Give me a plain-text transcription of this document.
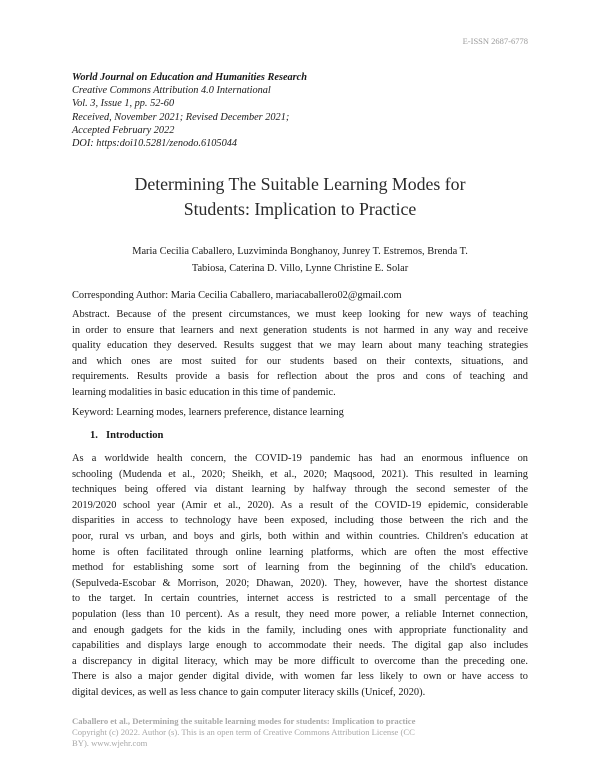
E-ISSN 2687-6778
World Journal on Education and Humanities Research
Creative Commons Attribution 4.0 International
Vol. 3, Issue 1, pp. 52-60
Received, November 2021; Revised December 2021;
Accepted February 2022
DOI: https:doi10.5281/zenodo.6105044
Determining The Suitable Learning Modes for
Students: Implication to Practice
Maria Cecilia Caballero, Luzviminda Bonghanoy, Junrey T. Estremos, Brenda T.
Tabiosa, Caterina D. Villo, Lynne Christine E. Solar
Corresponding Author: Maria Cecilia Caballero, mariacaballero02@gmail.com
Abstract. Because of the present circumstances, we must keep looking for new ways of teaching
in order to ensure that learners and next generation students is not harmed in any way and receive
quality education they deserved. Results suggest that we may learn about many teaching strategies
and which ones are most suited for our students based on their contexts, situations, and
requirements. Results provide a basis for reflection about the pros and cons of teaching and
learning modalities in basic education in this time of pandemic.
Keyword: Learning modes, learners preference, distance learning
1. Introduction
As a worldwide health concern, the COVID-19 pandemic has had an enormous influence on
schooling (Mudenda et al., 2020; Sheikh, et al., 2020; Maqsood, 2021). This resulted in learning
techniques being offered via distant learning by halfway through the second semester of the
2019/2020 school year (Amir et al., 2020). As a result of the COVID-19 epidemic, considerable
disparities in access to technology have been exposed, including those between the rich and the
poor, rural vs urban, and boys and girls, both within and within countries. Children's education at
home is often facilitated through online learning platforms, which are often the most effective
method for establishing some sort of learning from the beginning of the child's education.
(Sepulveda-Escobar & Morrison, 2020; Dhawan, 2020). They, however, have the shortest distance
to the target. In certain countries, internet access is restricted to a small percentage of the
population (less than 10 percent). As a result, they need more power, a reliable Internet connection,
and enough gadgets for the kids in the family, including ones with appropriate functionality and
capabilities and displays large enough to accommodate their needs. The digital gap also includes
a discrepancy in digital literacy, which may be more difficult to overcome than the preceding one.
There is also a major gender digital divide, with women far less likely to own or have access to
digital devices, as well as less chance to gain computer literacy skills (Unicef, 2020).
Caballero et al., Determining the suitable learning modes for students: Implication to practice
Copyright (c) 2022. Author (s). This is an open term of Creative Commons Attribution License (CC
BY). www.wjehr.com
